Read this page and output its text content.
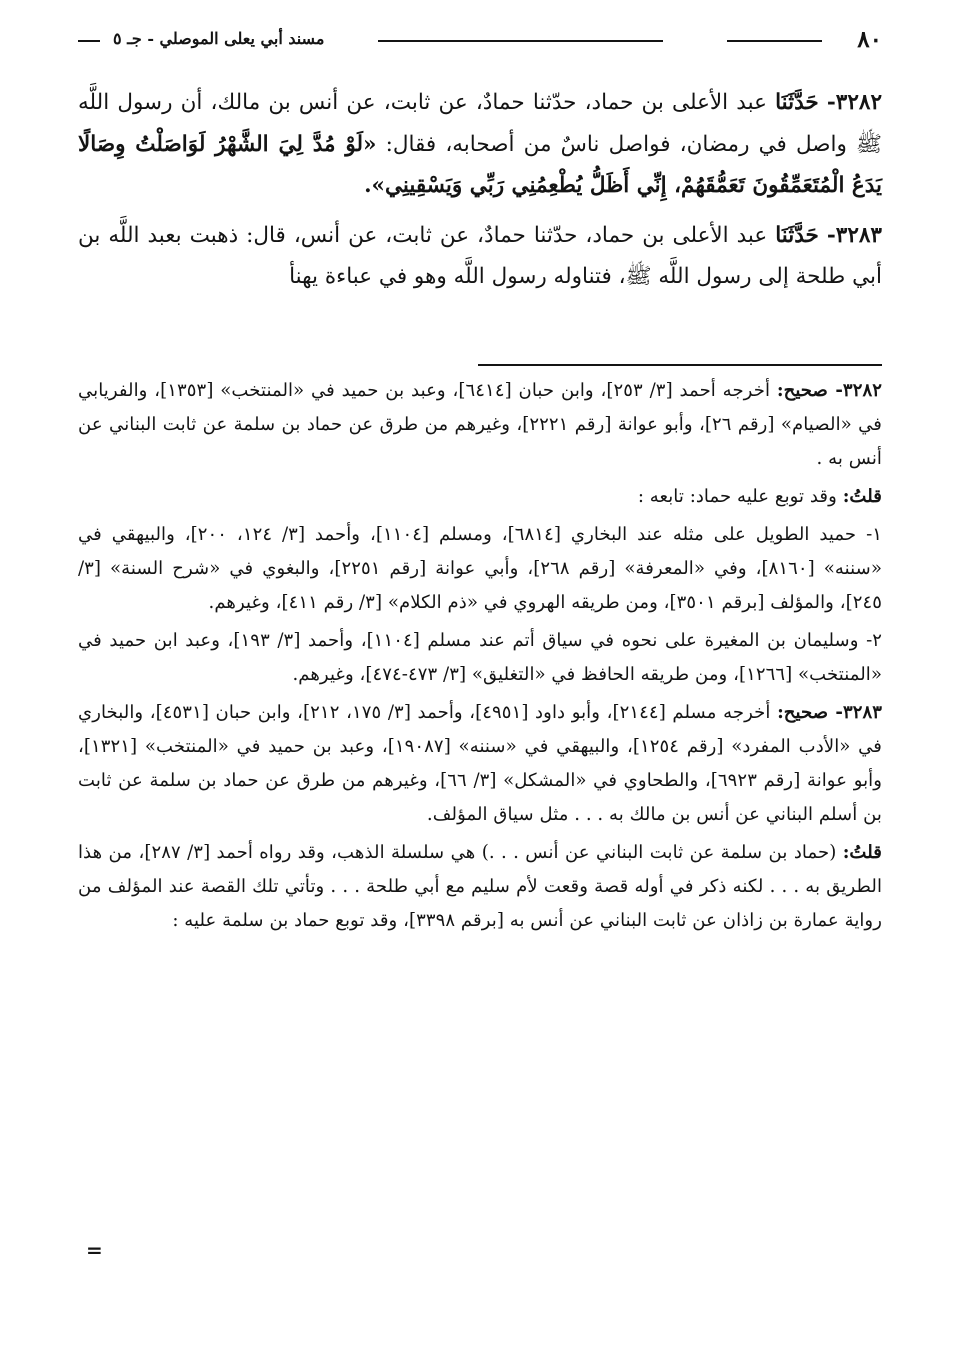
٨٠
مسند أبي يعلى الموصلي - جـ ٥

٣٢٨٢- حَدَّثَنَا عبد الأعلى بن حماد، حدّثنا حمادٌ، عن ثابت، عن أنس بن مالك، أن رسول اللَّه ﷺ واصل في رمضان، فواصل ناسٌ من أصحابه، فقال: «لَوْ مُدَّ لِيَ الشَّهْرُ لَوَاصَلْتُ وِصَالًا يَدَعُ الْمُتَعَمِّقُونَ تَعَمُّقَهُمْ، إِنِّي أَظَلُّ يُطْعِمُنِي رَبِّي وَيَسْقِينِي».

٣٢٨٣- حَدَّثَنَا عبد الأعلى بن حماد، حدّثنا حمادٌ، عن ثابت، عن أنس، قال: ذهبت بعبد اللَّه بن أبي طلحة إلى رسول اللَّه ﷺ، فتناوله رسول اللَّه وهو في عباءة يهنأ

٣٢٨٢- صحيح: أخرجه أحمد [٣/ ٢٥٣]، وابن حبان [٦٤١٤]، وعبد بن حميد في «المنتخب» [١٣٥٣]، والفريابي في «الصيام» [رقم ٢٦]، وأبو عوانة [رقم ٢٢٢١]، وغيرهم من طرق عن حماد بن سلمة عن ثابت البناني عن أنس به .

قلتُ: وقد توبع عليه حماد: تابعه :

١- حميد الطويل على مثله عند البخاري [٦٨١٤]، ومسلم [١١٠٤]، وأحمد [٣/ ١٢٤، ٢٠٠]، والبيهقي في «سننه» [٨١٦٠]، وفي «المعرفة» [رقم ٢٦٨]، وأبي عوانة [رقم ٢٢٥١]، والبغوي في «شرح السنة» [٣/ ٢٤٥]، والمؤلف [برقم ٣٥٠١]، ومن طريقه الهروي في «ذم الكلام» [٣/ رقم ٤١١]، وغيرهم.

٢- وسليمان بن المغيرة على نحوه في سياق أتم عند مسلم [١١٠٤]، وأحمد [٣/ ١٩٣]، وعبد ابن حميد في «المنتخب» [١٢٦٦]، ومن طريقه الحافظ في «التغليق» [٣/ ٤٧٣-٤٧٤]، وغيرهم.

٣٢٨٣- صحيح: أخرجه مسلم [٢١٤٤]، وأبو داود [٤٩٥١]، وأحمد [٣/ ١٧٥، ٢١٢]، وابن حبان [٤٥٣١]، والبخاري في «الأدب المفرد» [رقم ١٢٥٤]، والبيهقي في «سننه» [١٩٠٨٧]، وعبد بن حميد في «المنتخب» [١٣٢١]، وأبو عوانة [رقم ٦٩٢٣]، والطحاوي في «المشكل» [٣/ ٦٦]، وغيرهم من طرق عن حماد بن سلمة عن ثابت بن أسلم البناني عن أنس بن مالك به . . . مثل سياق المؤلف.

قلتُ: (حماد بن سلمة عن ثابت البناني عن أنس . . .) هي سلسلة الذهب، وقد رواه أحمد [٣/ ٢٨٧]، من هذا الطريق به . . . لكنه ذكر في أوله قصة وقعت لأم سليم مع أبي طلحة . . . وتأتي تلك القصة عند المؤلف من رواية عمارة بن زاذان عن ثابت البناني عن أنس به [برقم ٣٣٩٨]، وقد توبع حماد بن سلمة عليه :

=
